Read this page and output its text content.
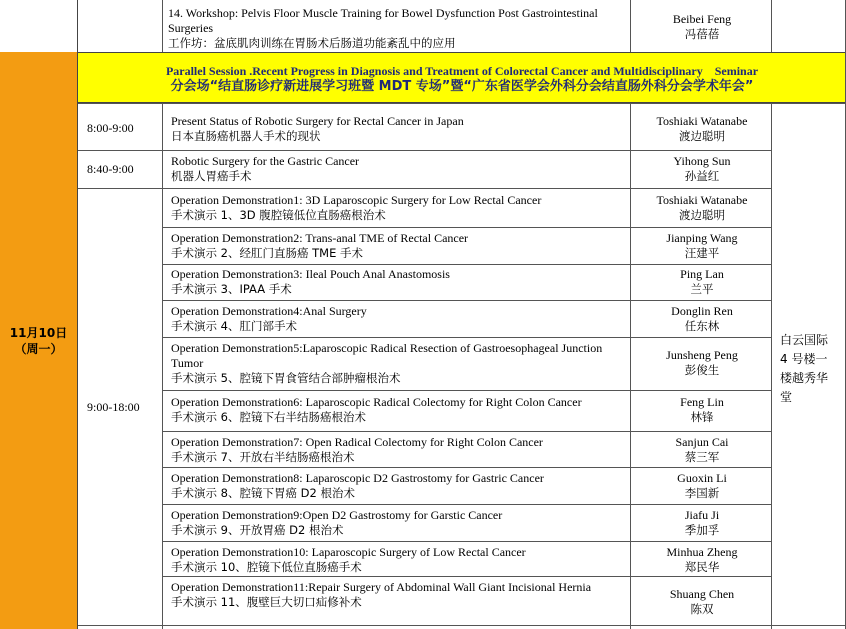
14. Workshop: Pelvis Floor Muscle Training for Bowel Dysfunction Post Gastrointestinal Surgeries
工作坊：盆底肌肉训练在胃肠术后肠道功能紊乱中的应用
Beibei Feng
冯蓓蓓
11月10日
（周一）
Parallel Session .Recent Progress in Diagnosis and Treatment of Colorectal Cancer and Multidisciplinary    Seminar
分会场“结直肠诊疗新进展学习班暨 MDT 专场”暨“广东省医学会外科分会结直肠外科分会学术年会”
8:00-9:00
8:40-9:00
9:00-18:00
白云国际 4 号楼一楼越秀华堂
Present Status of Robotic Surgery for Rectal Cancer in Japan
日本直肠癌机器人手术的现状
Toshiaki Watanabe
渡边聪明
Robotic Surgery for the Gastric Cancer
机器人胃癌手术
Yihong Sun
孙益红
Operation Demonstration1: 3D Laparoscopic Surgery for Low Rectal Cancer
手术演示 1、3D 腹腔镜低位直肠癌根治术
Toshiaki Watanabe
渡边聪明
Operation Demonstration2: Trans-anal TME of Rectal Cancer
手术演示 2、经肛门直肠癌 TME 手术
Jianping Wang
汪建平
Operation Demonstration3: Ileal Pouch Anal Anastomosis
手术演示 3、IPAA 手术
Ping Lan
兰平
Operation Demonstration4:Anal Surgery
手术演示 4、肛门部手术
Donglin Ren
任东林
Operation Demonstration5:Laparoscopic Radical Resection of Gastroesophageal Junction Tumor
手术演示 5、腔镜下胃食管结合部肿瘤根治术
Junsheng Peng
彭俊生
Operation Demonstration6: Laparoscopic Radical Colectomy for Right Colon Cancer
手术演示 6、腔镜下右半结肠癌根治术
Feng Lin
林锋
Operation Demonstration7: Open Radical Colectomy for Right Colon Cancer
手术演示 7、开放右半结肠癌根治术
Sanjun Cai
蔡三军
Operation Demonstration8: Laparoscopic D2 Gastrostomy for Gastric Cancer
手术演示 8、腔镜下胃癌 D2 根治术
Guoxin Li
李国新
Operation Demonstration9:Open D2 Gastrostomy for Garstic Cancer
手术演示 9、开放胃癌 D2 根治术
Jiafu Ji
季加孚
Operation Demonstration10: Laparoscopic Surgery of Low Rectal Cancer
手术演示 10、腔镜下低位直肠癌手术
Minhua Zheng
郑民华
Operation Demonstration11:Repair Surgery of Abdominal Wall Giant Incisional Hernia
手术演示 11、腹壁巨大切口疝修补术
Shuang Chen
陈双
